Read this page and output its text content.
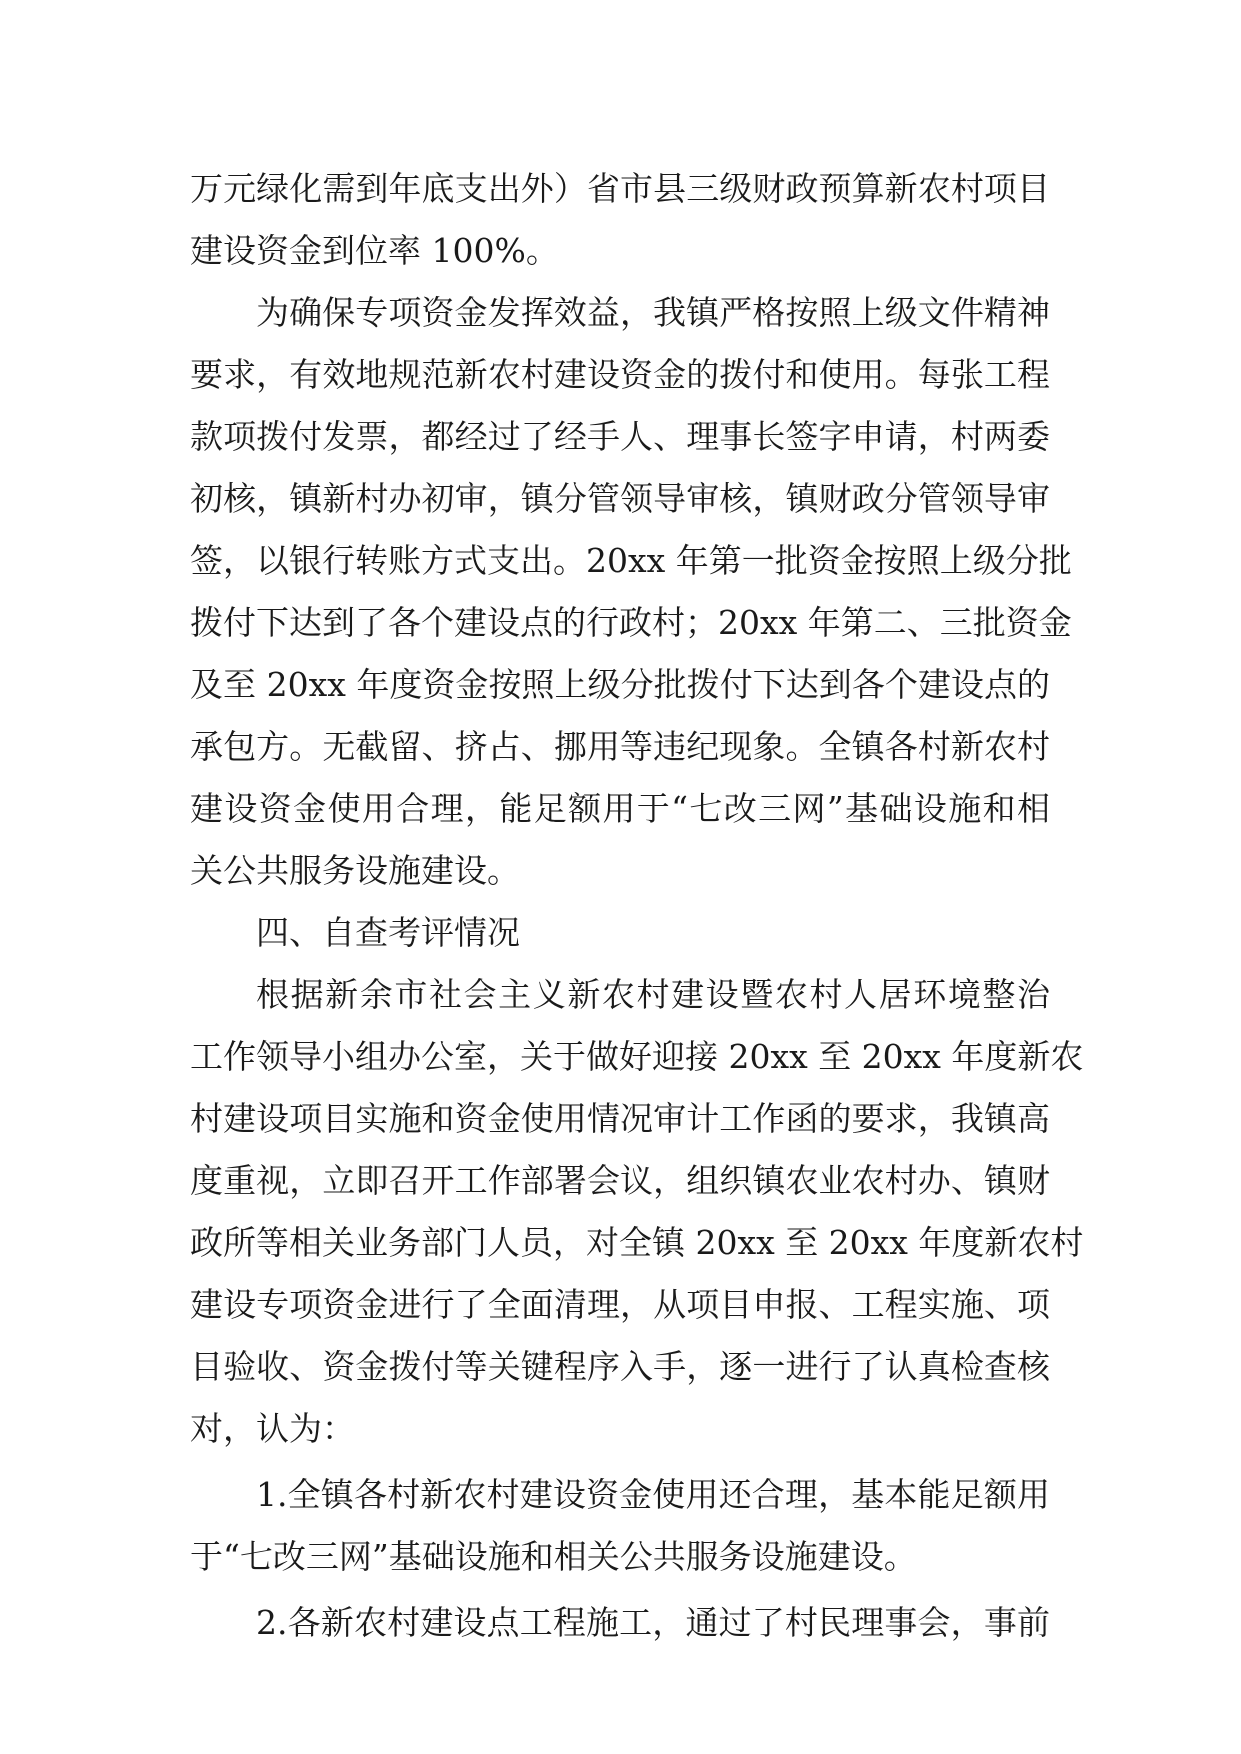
万元绿化需到年底支出外）省市县三级财政预算新农村项目
建设资金到位率 100%。
为确保专项资金发挥效益，我镇严格按照上级文件精神
要求，有效地规范新农村建设资金的拨付和使用。每张工程
款项拨付发票，都经过了经手人、理事长签字申请，村两委
初核，镇新村办初审，镇分管领导审核，镇财政分管领导审
签，以银行转账方式支出。20xx 年第一批资金按照上级分批
拨付下达到了各个建设点的行政村；20xx 年第二、三批资金
及至 20xx 年度资金按照上级分批拨付下达到各个建设点的
承包方。无截留、挤占、挪用等违纪现象。全镇各村新农村
建设资金使用合理，能足额用于“七改三网”基础设施和相
关公共服务设施建设。
四、自查考评情况
根据新余市社会主义新农村建设暨农村人居环境整治
工作领导小组办公室，关于做好迎接 20xx 至 20xx 年度新农
村建设项目实施和资金使用情况审计工作函的要求，我镇高
度重视，立即召开工作部署会议，组织镇农业农村办、镇财
政所等相关业务部门人员，对全镇 20xx 至 20xx 年度新农村
建设专项资金进行了全面清理，从项目申报、工程实施、项
目验收、资金拨付等关键程序入手，逐一进行了认真检查核
对，认为：
1.全镇各村新农村建设资金使用还合理，基本能足额用
于“七改三网”基础设施和相关公共服务设施建设。
2.各新农村建设点工程施工，通过了村民理事会，事前
